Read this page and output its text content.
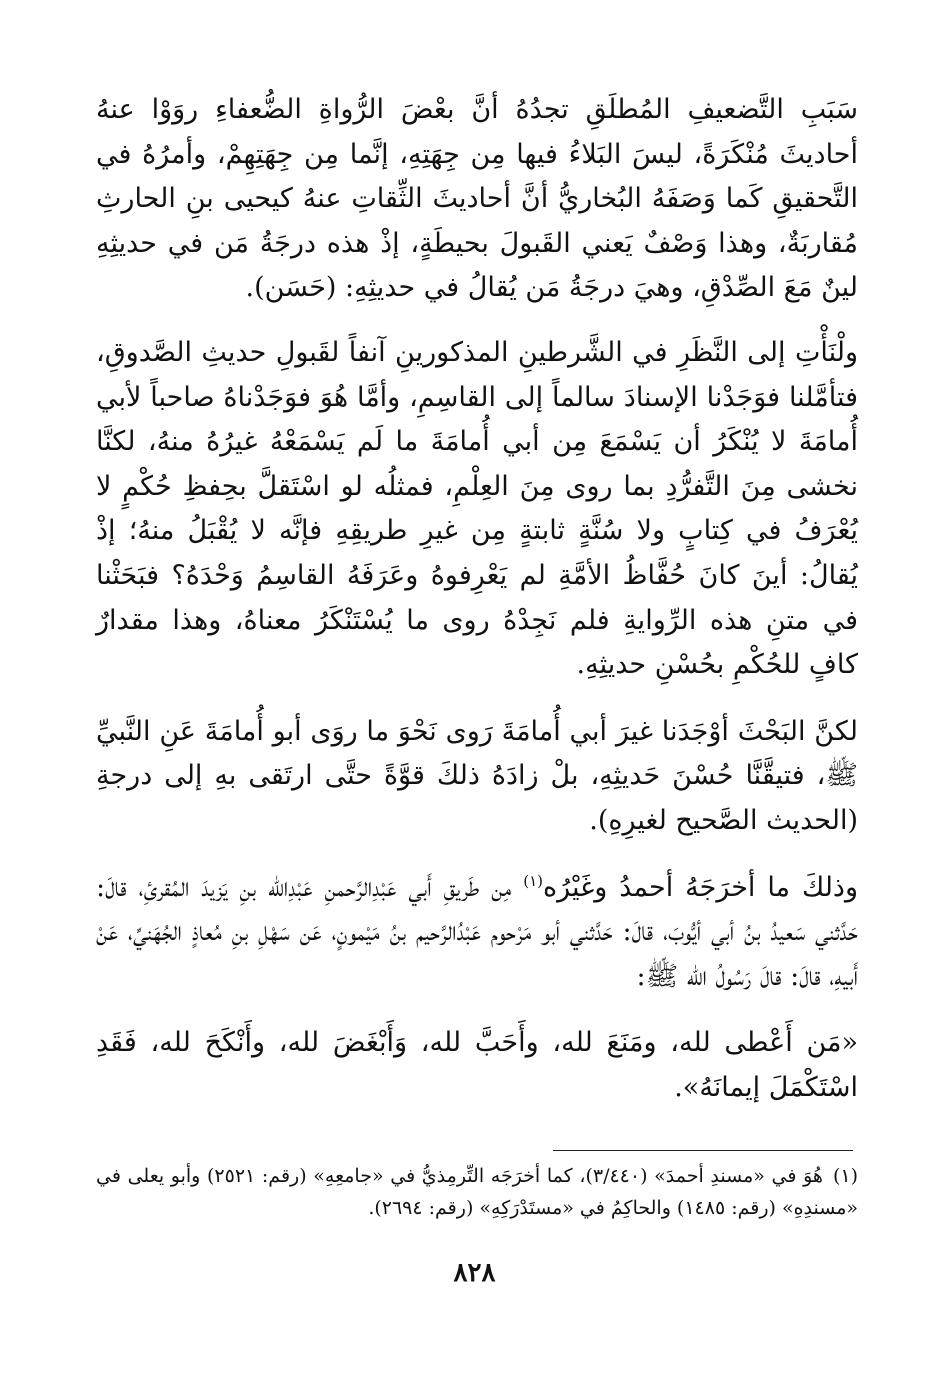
سَبَبِ التَّضعيفِ المُطلَقِ تجدُهُ أنَّ بعْضَ الرُّواةِ الضُّعفاءِ روَوْا عنهُ أحاديثَ مُنْكَرَةً، ليسَ البَلاءُ فيها مِن جِهَتِهِ، إنَّما مِن جِهَتِهِمْ، وأمرُهُ في التَّحقيقِ كَما وَصَفَهُ البُخاريُّ أنَّ أحاديثَ الثِّقاتِ عنهُ كيحيى بنِ الحارثِ مُقاربَةٌ، وهذا وَصْفٌ يَعني القَبولَ بحيطَةٍ، إذْ هذه درجَةُ مَن في حديثِهِ لينٌ مَعَ الصِّدْقِ، وهيَ درجَةُ مَن يُقالُ في حديثِهِ: (حَسَن).

ولْنَأْتِ إلى النَّظَرِ في الشَّرطينِ المذكورينِ آنفاً لقَبولِ حديثِ الصَّدوقِ، فتأمَّلنا فوَجَدْنا الإسنادَ سالماً إلى القاسِمِ، وأمَّا هُوَ فوَجَدْناهُ صاحباً لأبي أُمامَةَ لا يُنْكَرُ أن يَسْمَعَ مِن أبي أُمامَةَ ما لَم يَسْمَعْهُ غيرُهُ منهُ، لكنَّا نخشى مِنَ التَّفرُّدِ بما روى مِنَ العِلْمِ، فمثلُه لو اسْتَقلَّ بحِفظِ حُكْمٍ لا يُعْرَفُ في كِتابٍ ولا سُنَّةٍ ثابتةٍ مِن غيرِ طريقِهِ فإنَّه لا يُقْبَلُ منهُ؛ إذْ يُقالُ: أينَ كانَ حُفَّاظُ الأمَّةِ لم يَعْرِفوهُ وعَرَفَهُ القاسِمُ وَحْدَهُ؟ فبَحَثْنا في متنِ هذه الرِّوايةِ فلم نَجِدْهُ روى ما يُسْتَنْكَرُ معناهُ، وهذا مقدارٌ كافٍ للحُكْمِ بحُسْنِ حديثِهِ.

لكنَّ البَحْثَ أوْجَدَنا غيرَ أبي أُمامَةَ رَوى نَحْوَ ما روَى أبو أُمامَةَ عَنِ النَّبيِّ ﷺ، فتيقَّنَّا حُسْنَ حَديثِهِ، بلْ زادَهُ ذلكَ قوَّةً حتَّى ارتَقى بهِ إلى درجةِ (الحديث الصَّحيح لغيرِهِ).

وذلكَ ما أخرَجَهُ أحمدُ وغَيْرُه$^{(١)}$ مِن طَريقِ أَبي عَبْدِالرَّحمنِ عَبْدِالله بنِ يَزيدَ المُقرئِ، قالَ: حَدَّثني سَعيدُ بنُ أبي أيُّوبَ، قالَ: حَدَّثني أبو مَرْحوم عَبْدُالرَّحيم بنُ مَيْمونٍ، عَن سَهْلِ بنِ مُعاذٍ الجُهَنيِّ، عَنْ أَبيهِ، قالَ: قالَ رَسُولُ الله ﷺ:

«مَن أَعْطى لله، ومَنَعَ لله، وأَحَبَّ لله، وَأَبْغَضَ لله، وأَنْكَحَ لله، فَقَدِ اسْتَكْمَلَ إيمانَهُ».

(١)هُوَ في «مسندِ أحمدَ» (٣/٤٤٠)، كما أخرَجَه التِّرمِذيُّ في «جامعِهِ» (رقم: ٢٥٢١) وأبو يعلى في «مسندِهِ» (رقم: ١٤٨٥) والحاكِمُ في «مستَدْرَكِهِ» (رقم: ٢٦٩٤).
٨٢٨
